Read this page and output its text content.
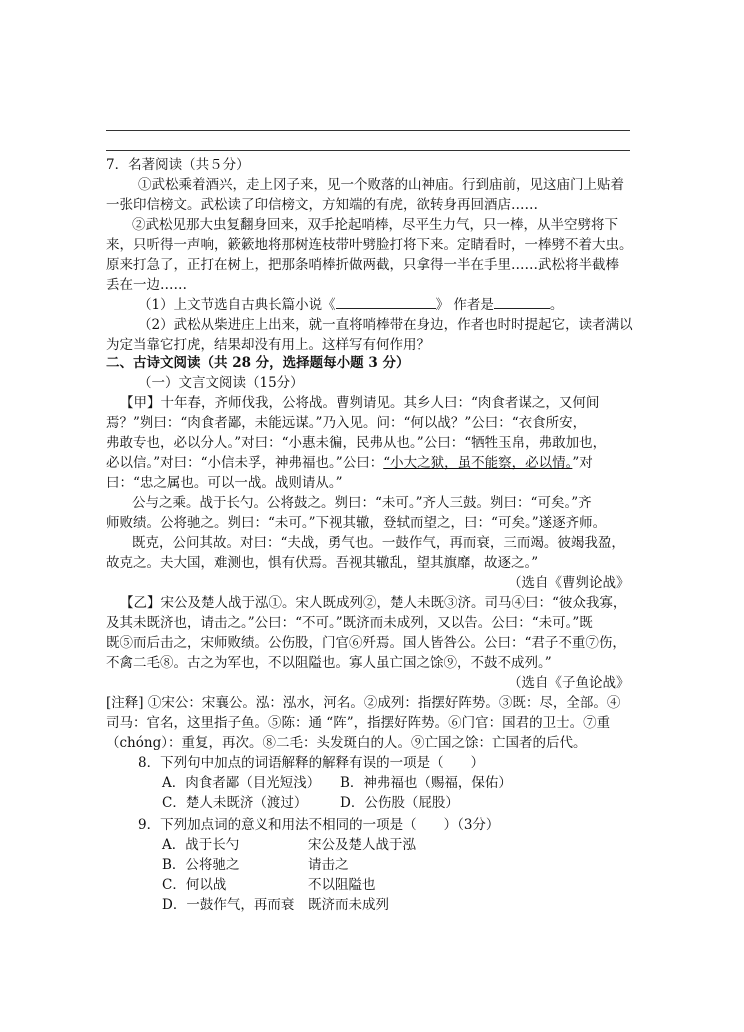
7．名著阅读（共５分）
①武松乘着酒兴，走上冈子来，见一个败落的山神庙。行到庙前，见这庙门上贴着
一张印信榜文。武松读了印信榜文，方知端的有虎，欲转身再回酒店……
②武松见那大虫复翻身回来，双手抡起哨棒，尽平生力气，只一棒，从半空劈将下
来，只听得一声响，簌簌地将那树连枝带叶劈脸打将下来。定睛看时，一棒劈不着大虫。
原来打急了，正打在树上，把那条哨棒折做两截，只拿得一半在手里……武松将半截棒
丢在一边……
（1）上文节选自古典长篇小说《	》 作者是	。
（2）武松从柴进庄上出来，就一直将哨棒带在身边，作者也时时提起它，读者满以
为定当靠它打虎，结果却没有用上。这样写有何作用？
二、古诗文阅读（共 28 分，选择题每小题 3 分）
（一）文言文阅读（15分）
【甲】十年春，齐师伐我，公将战。曹刿请见。其乡人曰：“肉食者谋之，又何间
焉？”刿曰：“肉食者鄙，未能远谋。”乃入见。问：“何以战？”公曰：“衣食所安，
弗敢专也，必以分人。”对曰：“小惠未徧，民弗从也。”公曰：“牺牲玉帛，弗敢加也，
必以信。”对曰：“小信未孚，神弗福也。”公曰：“小大之狱，虽不能察，必以情。”对
曰：“忠之属也。可以一战。战则请从。”
公与之乘。战于长勺。公将鼓之。刿曰：“未可。”齐人三鼓。刿曰：“可矣。”齐
师败绩。公将驰之。刿曰：“未可。”下视其辙，登轼而望之，曰：“可矣。”遂逐齐师。
既克，公问其故。对曰：“夫战，勇气也。一鼓作气，再而衰，三而竭。彼竭我盈，
故克之。夫大国，难测也，惧有伏焉。吾视其辙乱，望其旗靡，故逐之。”
（选自《曹刿论战》
【乙】宋公及楚人战于泓①。宋人既成列②，楚人未既③济。司马④曰：“彼众我寡，
及其未既济也，请击之。”公曰：“不可。”既济而未成列，又以告。公曰：“未可。”既
既⑤而后击之，宋师败绩。公伤股，门官⑥歼焉。国人皆咎公。公曰：“君子不重⑦伤，
不禽二毛⑧。古之为军也，不以阻隘也。寡人虽亡国之馀⑨，不鼓不成列。”
（选自《子鱼论战》
[注释] ①宋公：宋襄公。泓：泓水，河名。②成列：指摆好阵势。③既：尽，全部。④
司马：官名，这里指子鱼。⑤陈：通 “阵”，指摆好阵势。⑥门官：国君的卫士。⑦重
（chóng）：重复，再次。⑧二毛：头发斑白的人。⑨亡国之馀：亡国者的后代。
8．下列句中加点的词语解释的解释有误的一项是（　　）
A．肉食者鄙（目光短浅） B．神弗福也（赐福，保佑）
C．楚人未既济（渡过） D．公伤股（屁股）
9．下列加点词的意义和用法不相同的一项是（　　）（3分）
A．战于长勺	宋公及楚人战于泓
B．公将驰之	请击之
C．何以战	不以阻隘也
D．一鼓作气，再而衰 既济而未成列
